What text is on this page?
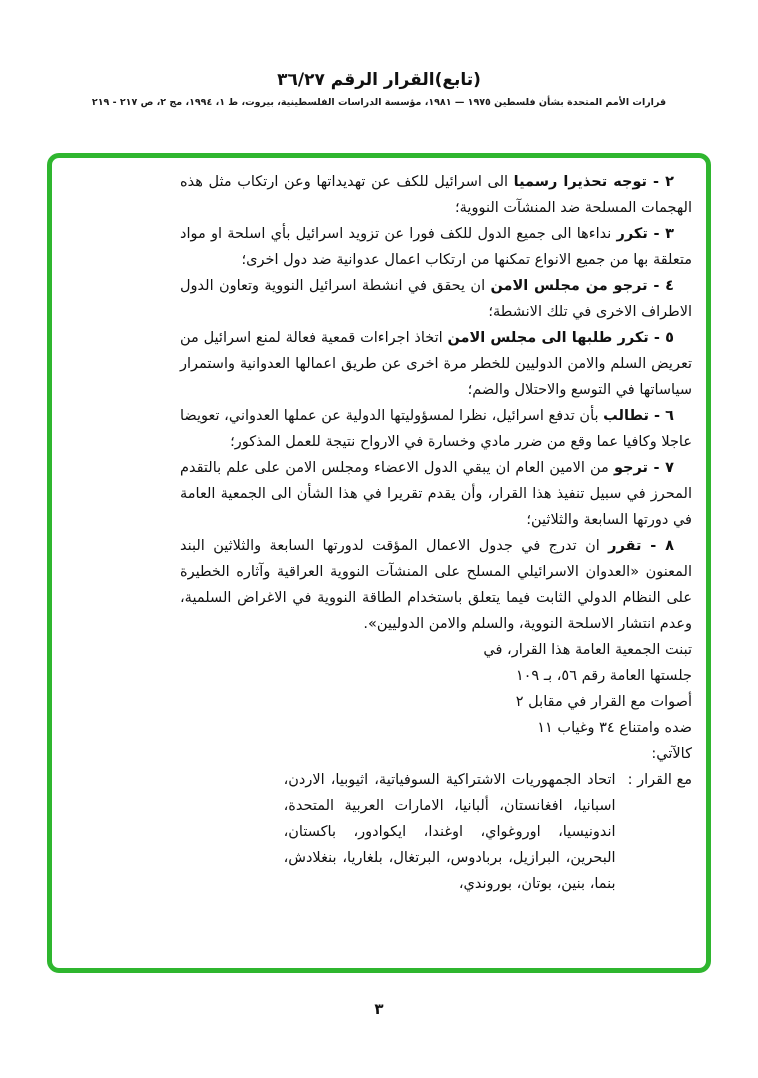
(تابع)القرار الرقم ٣٦/٢٧
قرارات الأمم المتحدة بشأن فلسطين ١٩٧٥ — ١٩٨١، مؤسسة الدراسات الفلسطينية، بيروت، ط ١، ١٩٩٤، مج ٢، ص ٢١٧ - ٢١٩

٢ - توجه تحذيرا رسميا الى اسرائيل للكف عن تهديداتها وعن ارتكاب مثل هذه الهجمات المسلحة ضد المنشآت النووية؛

٣ - تكرر نداءها الى جميع الدول للكف فورا عن تزويد اسرائيل بأي اسلحة او مواد متعلقة بها من جميع الانواع تمكنها من ارتكاب اعمال عدوانية ضد دول اخرى؛

٤ - ترجو من مجلس الامن ان يحقق في انشطة اسرائيل النووية وتعاون الدول الاطراف الاخرى في تلك الانشطة؛

٥ - تكرر طلبها الى مجلس الامن اتخاذ اجراءات قمعية فعالة لمنع اسرائيل من تعريض السلم والامن الدوليين للخطر مرة اخرى عن طريق اعمالها العدوانية واستمرار سياساتها في التوسع والاحتلال والضم؛

٦ - تطالب بأن تدفع اسرائيل، نظرا لمسؤوليتها الدولية عن عملها العدواني، تعويضا عاجلا وكافيا عما وقع من ضرر مادي وخسارة في الارواح نتيجة للعمل المذكور؛

٧ - ترجو من الامين العام ان يبقي الدول الاعضاء ومجلس الامن على علم بالتقدم المحرز في سبيل تنفيذ هذا القرار، وأن يقدم تقريرا في هذا الشأن الى الجمعية العامة في دورتها السابعة والثلاثين؛

٨ - تقرر ان تدرج في جدول الاعمال المؤقت لدورتها السابعة والثلاثين البند المعنون «العدوان الاسرائيلي المسلح على المنشآت النووية العراقية وآثاره الخطيرة على النظام الدولي الثابت فيما يتعلق باستخدام الطاقة النووية في الاغراض السلمية، وعدم انتشار الاسلحة النووية، والسلم والامن الدوليين».

تبنت الجمعية العامة هذا القرار، في
جلستها العامة رقم ٥٦، بـ ١٠٩
أصوات مع القرار في مقابل ٢
ضده وامتناع ٣٤ وغياب ١١
كالآتي:
مع القرار :
اتحاد الجمهوريات الاشتراكية السوفياتية، اثيوبيا، الاردن، اسبانيا، افغانستان، ألبانيا، الامارات العربية المتحدة، اندونيسيا، اوروغواي، اوغندا، ايكوادور، باكستان، البحرين، البرازيل، بربادوس، البرتغال، بلغاريا، بنغلادش، بنما، بنين، بوتان، بوروندي،
٣
